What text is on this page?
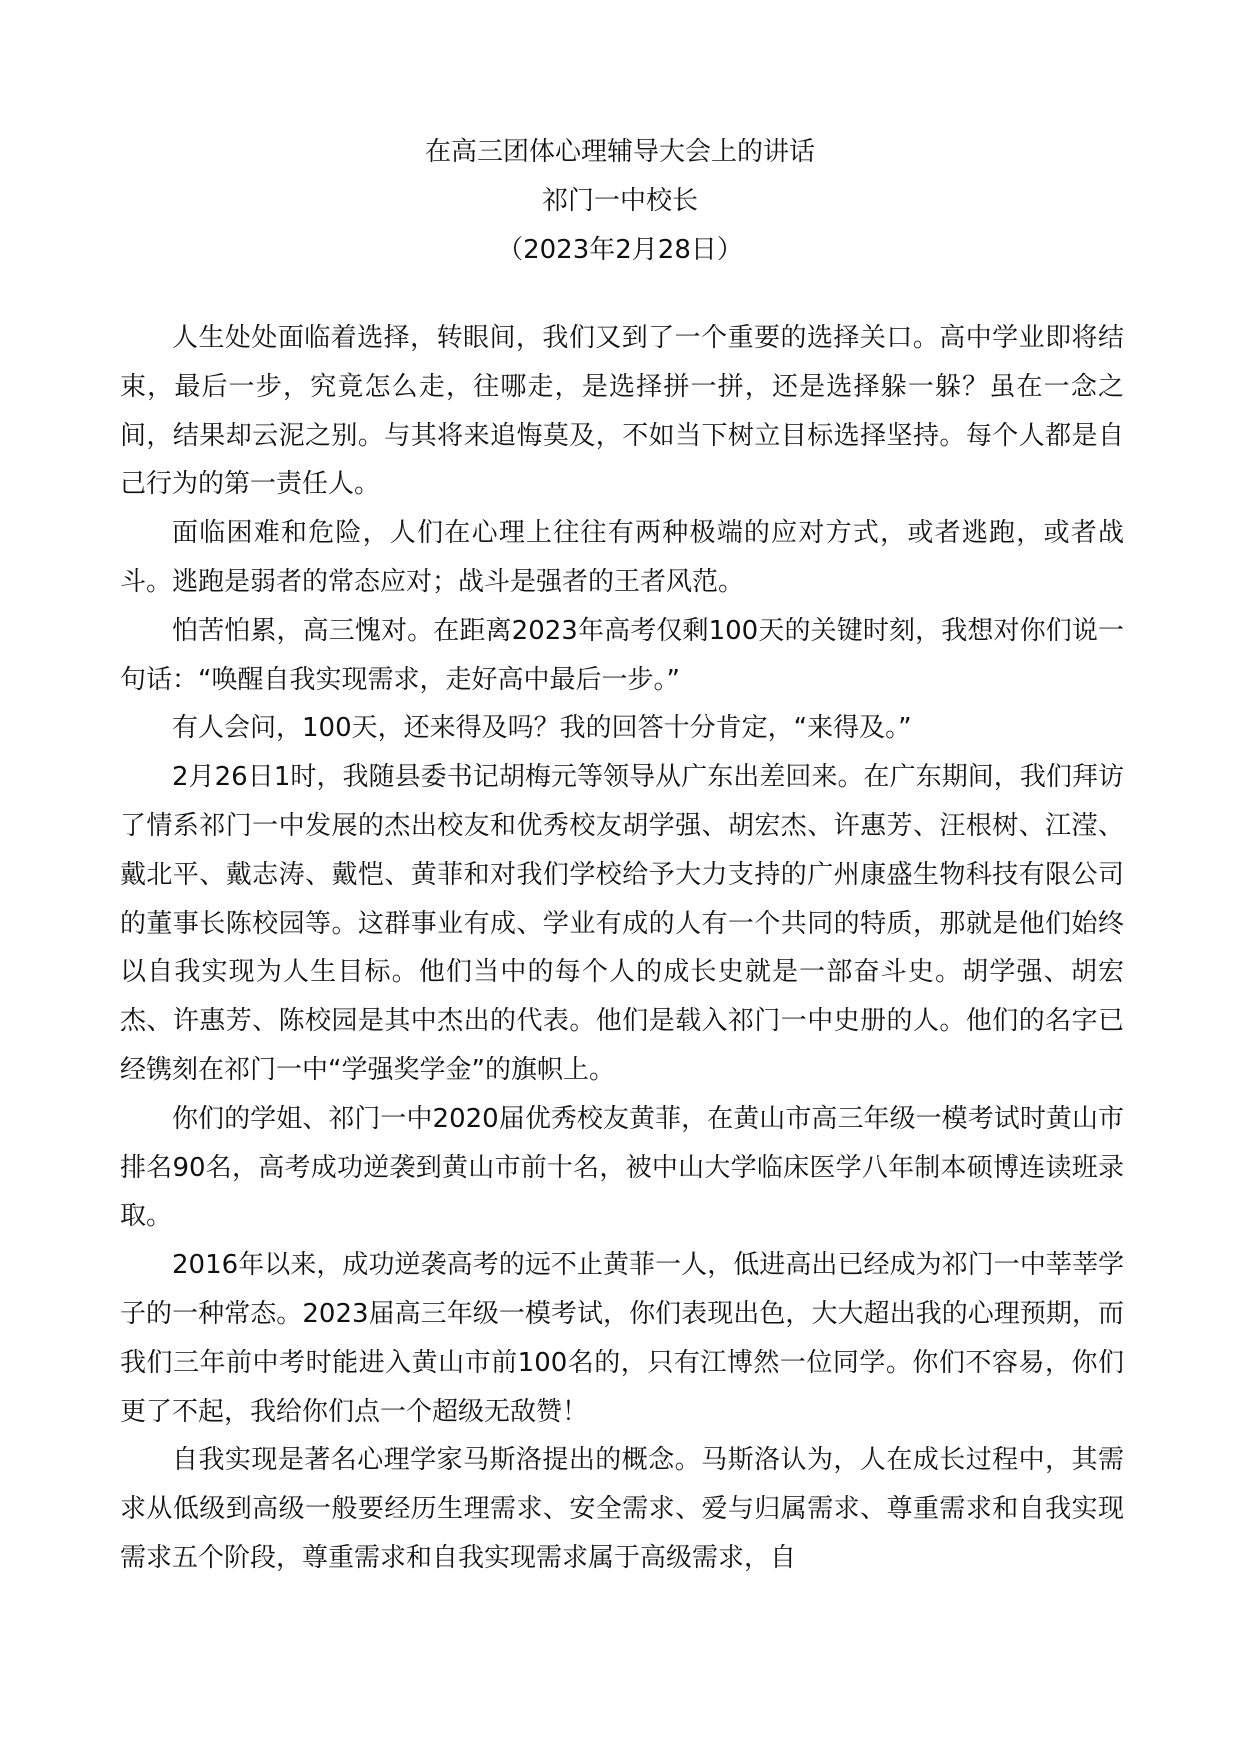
在高三团体心理辅导大会上的讲话
祁门一中校长
（2023年2月28日）

人生处处面临着选择，转眼间，我们又到了一个重要的选择关口。高中学业即将结束，最后一步，究竟怎么走，往哪走，是选择拼一拼，还是选择躲一躲？虽在一念之间，结果却云泥之别。与其将来追悔莫及，不如当下树立目标选择坚持。每个人都是自己行为的第一责任人。

面临困难和危险，人们在心理上往往有两种极端的应对方式，或者逃跑，或者战斗。逃跑是弱者的常态应对；战斗是强者的王者风范。

怕苦怕累，高三愧对。在距离2023年高考仅剩100天的关键时刻，我想对你们说一句话：“唤醒自我实现需求，走好高中最后一步。”

有人会问，100天，还来得及吗？我的回答十分肯定，“来得及。”

2月26日1时，我随县委书记胡梅元等领导从广东出差回来。在广东期间，我们拜访了情系祁门一中发展的杰出校友和优秀校友胡学强、胡宏杰、许惠芳、汪根树、江滢、戴北平、戴志涛、戴恺、黄菲和对我们学校给予大力支持的广州康盛生物科技有限公司的董事长陈校园等。这群事业有成、学业有成的人有一个共同的特质，那就是他们始终以自我实现为人生目标。他们当中的每个人的成长史就是一部奋斗史。胡学强、胡宏杰、许惠芳、陈校园是其中杰出的代表。他们是载入祁门一中史册的人。他们的名字已经镌刻在祁门一中“学强奖学金”的旗帜上。

你们的学姐、祁门一中2020届优秀校友黄菲，在黄山市高三年级一模考试时黄山市排名90名，高考成功逆袭到黄山市前十名，被中山大学临床医学八年制本硕博连读班录取。

2016年以来，成功逆袭高考的远不止黄菲一人，低进高出已经成为祁门一中莘莘学子的一种常态。2023届高三年级一模考试，你们表现出色，大大超出我的心理预期，而我们三年前中考时能进入黄山市前100名的，只有江博然一位同学。你们不容易，你们更了不起，我给你们点一个超级无敌赞！

自我实现是著名心理学家马斯洛提出的概念。马斯洛认为，人在成长过程中，其需求从低级到高级一般要经历生理需求、安全需求、爱与归属需求、尊重需求和自我实现需求五个阶段，尊重需求和自我实现需求属于高级需求，自
